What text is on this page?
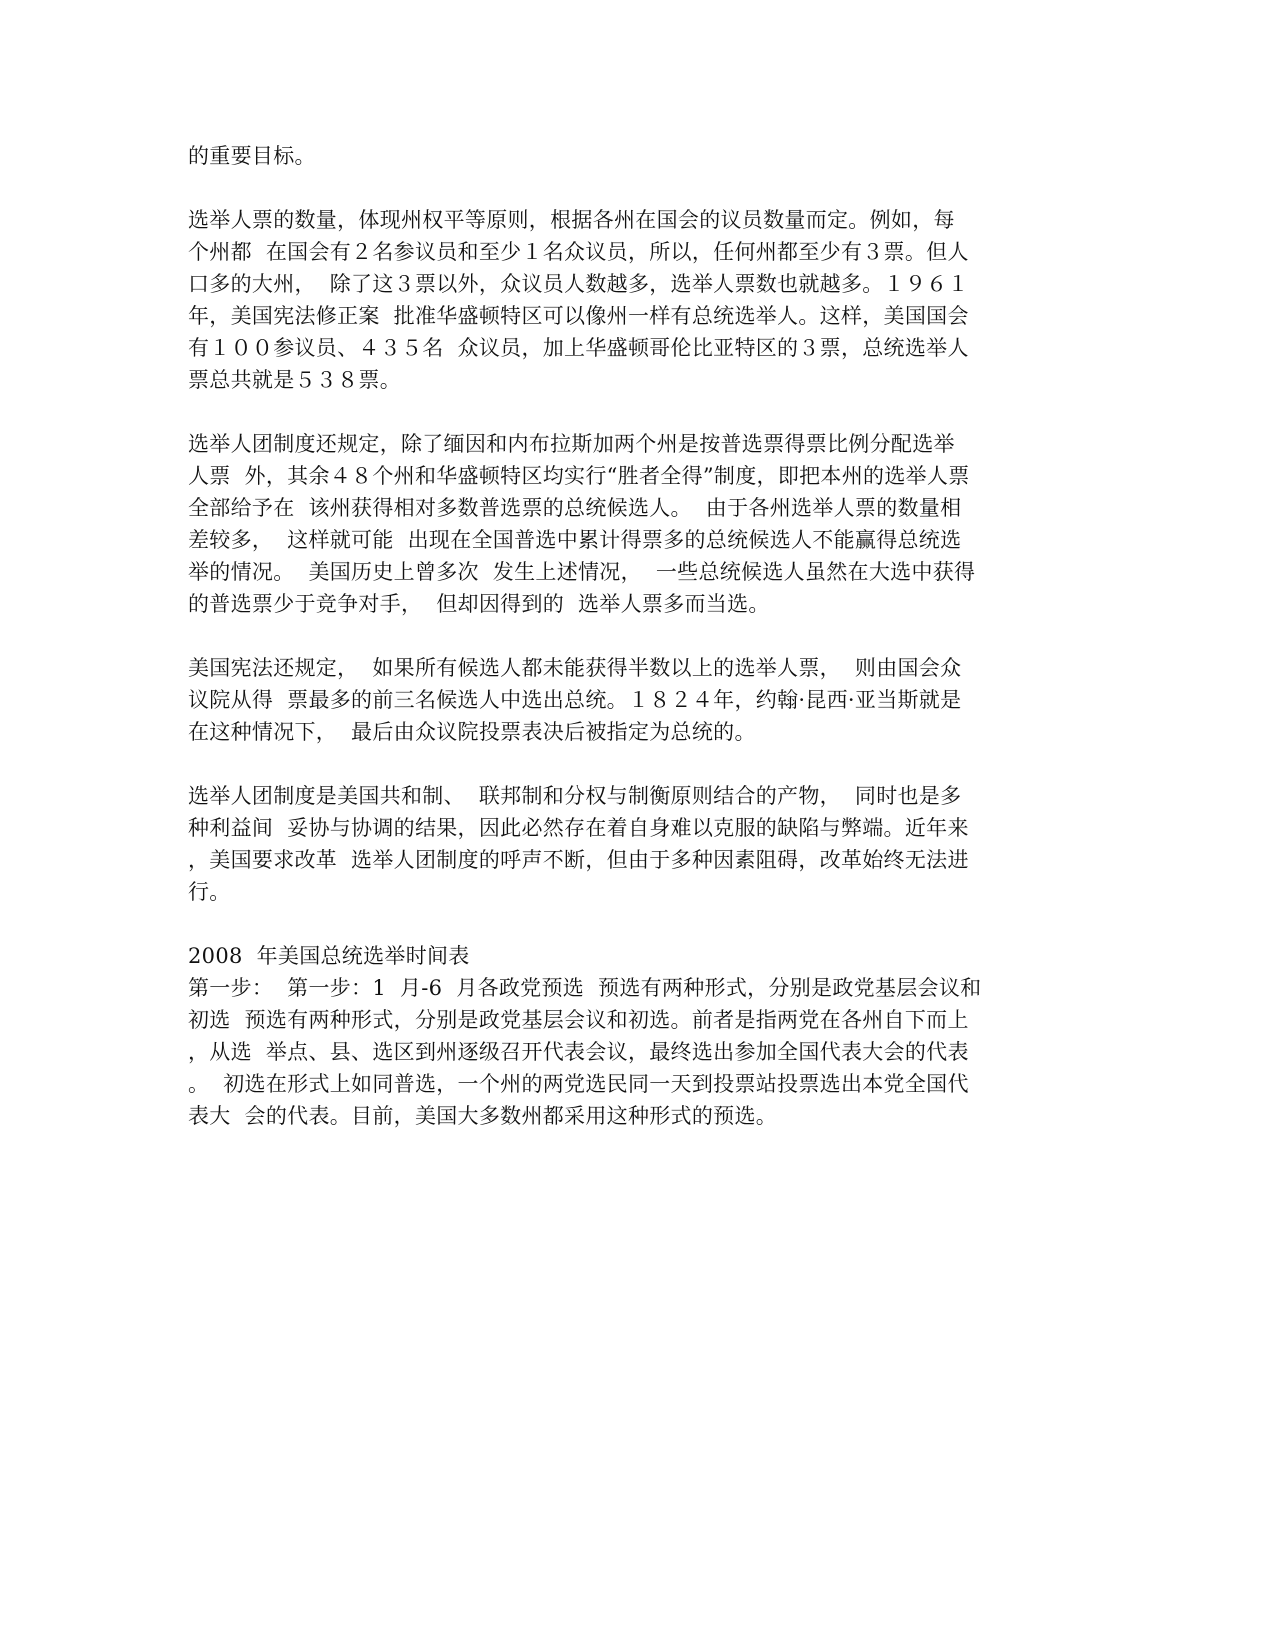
的重要目标。
选举人票的数量，体现州权平等原则，根据各州在国会的议员数量而定。例如，每
个州都  在国会有２名参议员和至少１名众议员，所以，任何州都至少有３票。但人
口多的大州，  除了这３票以外，众议员人数越多，选举人票数也就越多。１９６１
年，美国宪法修正案  批准华盛顿特区可以像州一样有总统选举人。这样，美国国会
有１００参议员、４３５名  众议员，加上华盛顿哥伦比亚特区的３票，总统选举人
票总共就是５３８票。
选举人团制度还规定，除了缅因和内布拉斯加两个州是按普选票得票比例分配选举
人票  外，其余４８个州和华盛顿特区均实行“胜者全得”制度，即把本州的选举人票
全部给予在  该州获得相对多数普选票的总统候选人。  由于各州选举人票的数量相
差较多，  这样就可能  出现在全国普选中累计得票多的总统候选人不能赢得总统选
举的情况。  美国历史上曾多次  发生上述情况，  一些总统候选人虽然在大选中获得
的普选票少于竞争对手，  但却因得到的  选举人票多而当选。
美国宪法还规定，  如果所有候选人都未能获得半数以上的选举人票，  则由国会众
议院从得  票最多的前三名候选人中选出总统。１８２４年，约翰·昆西·亚当斯就是
在这种情况下，  最后由众议院投票表决后被指定为总统的。
选举人团制度是美国共和制、  联邦制和分权与制衡原则结合的产物，  同时也是多
种利益间  妥协与协调的结果，因此必然存在着自身难以克服的缺陷与弊端。近年来
，美国要求改革  选举人团制度的呼声不断，但由于多种因素阻碍，改革始终无法进
行。
2008  年美国总统选举时间表
第一步：  第一步：1  月-6  月各政党预选  预选有两种形式，分别是政党基层会议和
初选  预选有两种形式，分别是政党基层会议和初选。前者是指两党在各州自下而上
，从选  举点、县、选区到州逐级召开代表会议，最终选出参加全国代表大会的代表
。  初选在形式上如同普选，一个州的两党选民同一天到投票站投票选出本党全国代
表大  会的代表。目前，美国大多数州都采用这种形式的预选。
